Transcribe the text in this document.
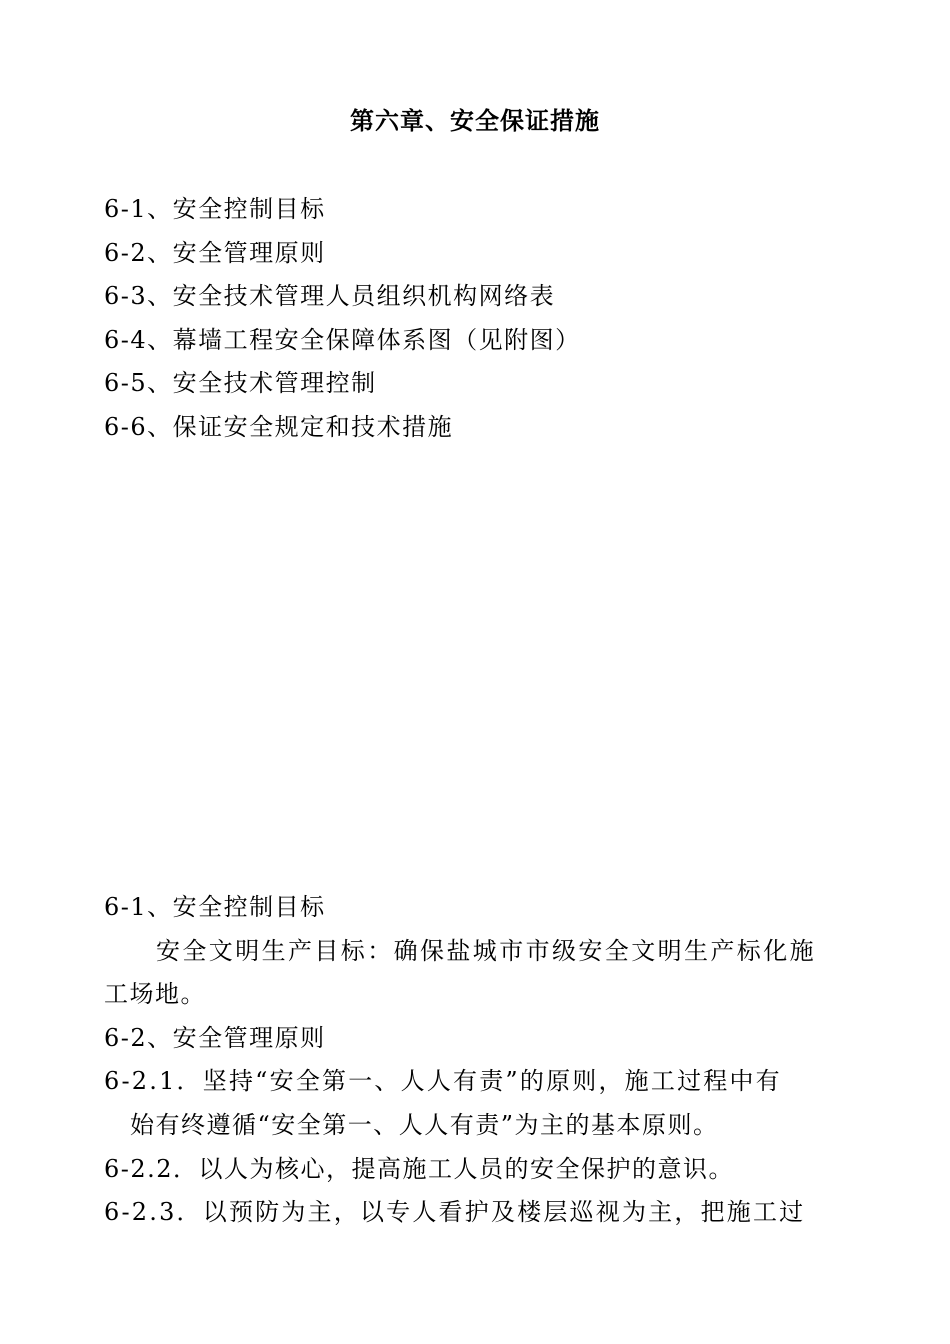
第六章、安全保证措施
6-1、安全控制目标
6-2、安全管理原则
6-3、安全技术管理人员组织机构网络表
6-4、幕墙工程安全保障体系图（见附图）
6-5、安全技术管理控制
6-6、保证安全规定和技术措施
6-1、安全控制目标
安全文明生产目标：确保盐城市市级安全文明生产标化施
工场地。
6-2、安全管理原则
6-2.1．坚持“安全第一、人人有责”的原则，施工过程中有
始有终遵循“安全第一、人人有责”为主的基本原则。
6-2.2．以人为核心，提高施工人员的安全保护的意识。
6-2.3．以预防为主，以专人看护及楼层巡视为主，把施工过
